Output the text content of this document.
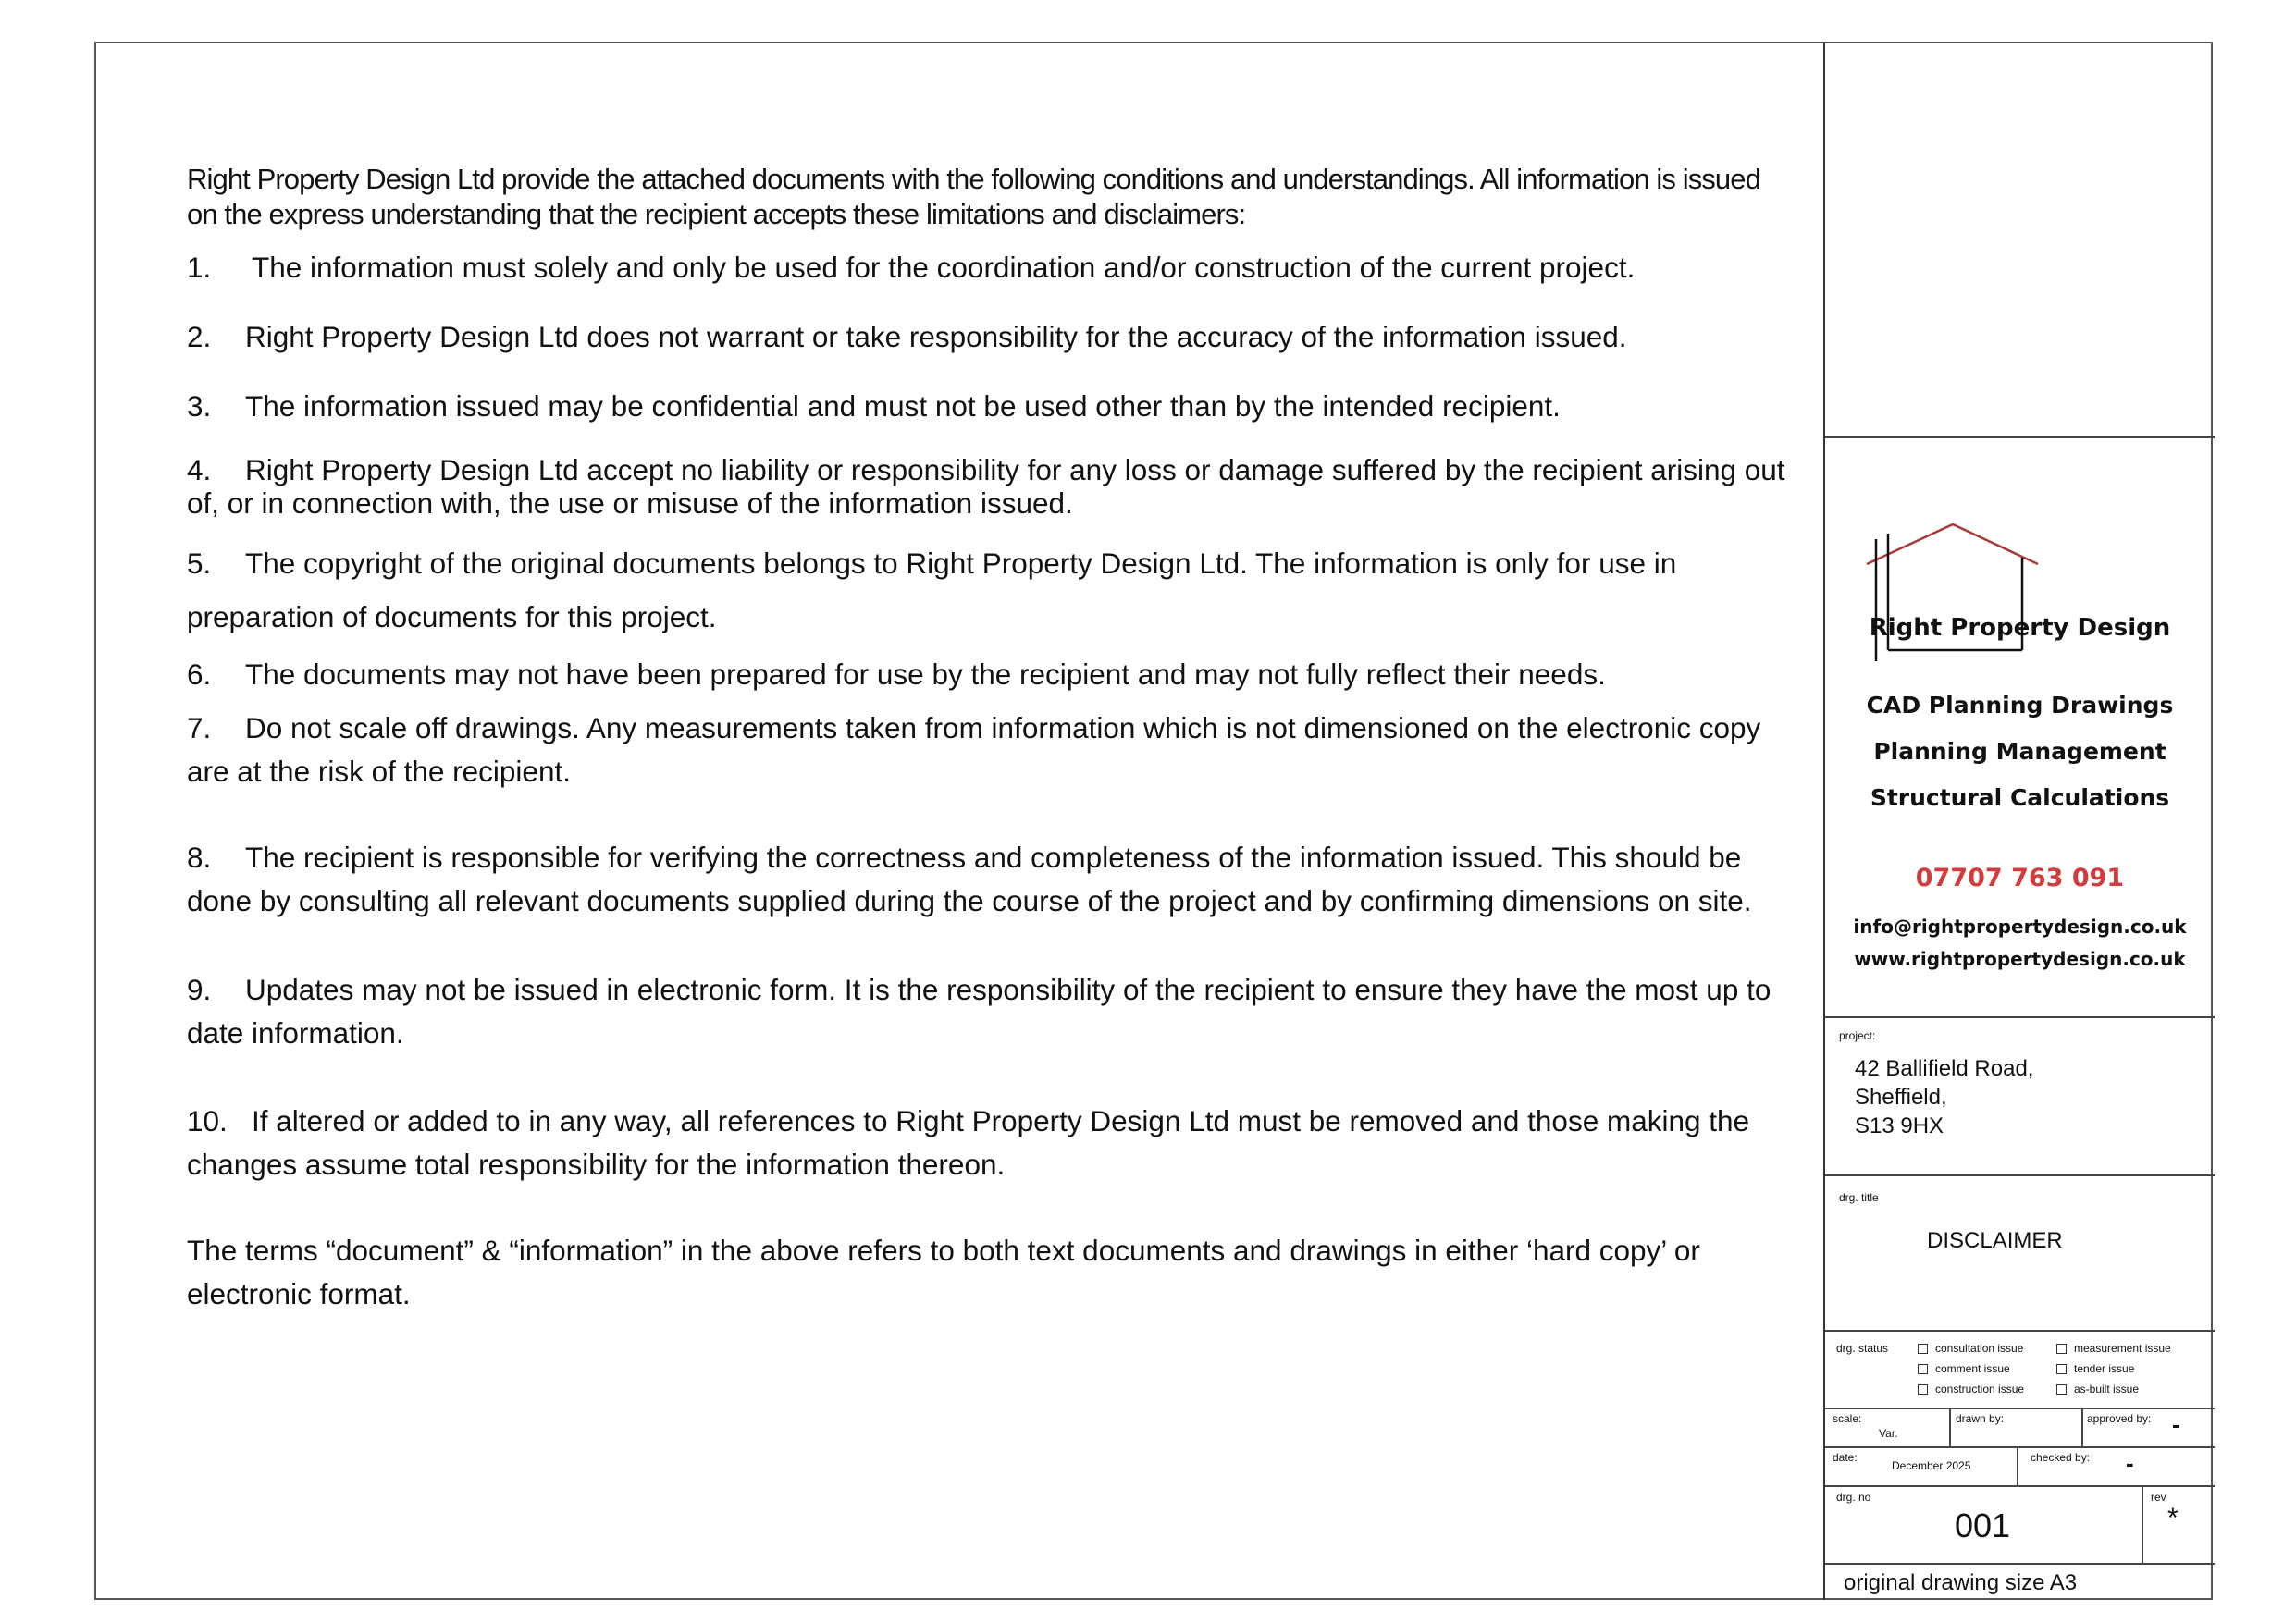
Right Property Design Ltd provide the attached documents with the following conditions and understandings. All information is issued on the express understanding that the recipient accepts these limitations and disclaimers:

1. The information must solely and only be used for the coordination and/or construction of the current project.
2. Right Property Design Ltd does not warrant or take responsibility for the accuracy of the information issued.
3. The information issued may be confidential and must not be used other than by the intended recipient.
4. Right Property Design Ltd accept no liability or responsibility for any loss or damage suffered by the recipient arising out of, or in connection with, the use or misuse of the information issued.
5. The copyright of the original documents belongs to Right Property Design Ltd. The information is only for use in preparation of documents for this project.
6. The documents may not have been prepared for use by the recipient and may not fully reflect their needs.
7. Do not scale off drawings. Any measurements taken from information which is not dimensioned on the electronic copy are at the risk of the recipient.
8. The recipient is responsible for verifying the correctness and completeness of the information issued. This should be done by consulting all relevant documents supplied during the course of the project and by confirming dimensions on site.
9. Updates may not be issued in electronic form. It is the responsibility of the recipient to ensure they have the most up to date information.
10. If altered or added to in any way, all references to Right Property Design Ltd must be removed and those making the changes assume total responsibility for the information thereon.
The terms “document” & “information” in the above refers to both text documents and drawings in either ‘hard copy’ or electronic format.
Right Property Design
CAD Planning Drawings
Planning Management
Structural Calculations
07707 763 091
info@rightpropertydesign.co.uk
www.rightpropertydesign.co.uk
project:
42 Ballifield Road,
Sheffield,
S13 9HX
drg. title
DISCLAIMER
drg. status	consultation issue
comment issue
construction issue
measurement issue
tender issue
as-built issue
scale:
Var.
drawn by:	approved by: -
date:
December 2025
checked by: -
drg. no
001
rev
*
original drawing size A3
